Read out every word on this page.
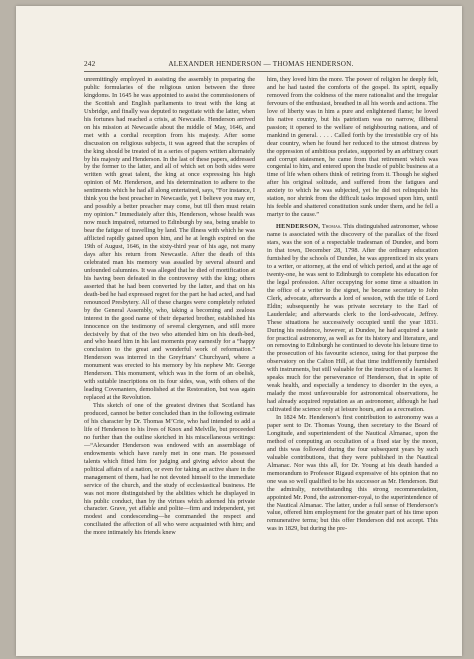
242	ALEXANDER HENDERSON — THOMAS HENDERSON.

unremittingly employed in assisting the assembly in preparing the public formularies of the religious union between the three kingdoms. In 1645 he was appointed to assist the commissioners of the Scottish and English parliaments to treat with the king at Uxbridge, and finally was deputed to negotiate with the latter, when his fortunes had reached a crisis, at Newcastle. Henderson arrived on his mission at Newcastle about the middle of May, 1646, and met with a cordial reception from his majesty. After some discussion on religious subjects, it was agreed that the scruples of the king should be treated of in a series of papers written alternately by his majesty and Henderson. In the last of these papers, addressed by the former to the latter, and all of which set on both sides were written with great talent, the king at once expressing his high opinion of Mr. Henderson, and his determination to adhere to the sentiments which he had all along entertained, says, “For instance, I think you the best preacher in Newcastle, yet I believe you may err, and possibly a better preacher may come, but till then must retain my opinion.” Immediately after this, Henderson, whose health was now much impaired, returned to Edinburgh by sea, being unable to bear the fatigue of travelling by land. The illness with which he was afflicted rapidly gained upon him, and he at length expired on the 19th of August, 1646, in the sixty-third year of his age, not many days after his return from Newcastle. After the death of this celebrated man his memory was assailed by several absurd and unfounded calumnies. It was alleged that he died of mortification at his having been defeated in the controversy with the king; others asserted that he had been converted by the latter, and that on his death-bed he had expressed regret for the part he had acted, and had renounced Presbytery. All of these charges were completely refuted by the General Assembly, who, taking a becoming and zealous interest in the good name of their departed brother, established his innocence on the testimony of several clergymen, and still more decisively by that of the two who attended him on his death-bed, and who heard him in his last moments pray earnestly for a “happy conclusion to the great and wonderful work of reformation.” Henderson was interred in the Greyfriars’ Churchyard, where a monument was erected to his memory by his nephew Mr. George Henderson. This monument, which was in the form of an obelisk, with suitable inscriptions on its four sides, was, with others of the leading Covenanters, demolished at the Restoration, but was again replaced at the Revolution.

This sketch of one of the greatest divines that Scotland has produced, cannot be better concluded than in the following estimate of his character by Dr. Thomas M’Crie, who had intended to add a life of Henderson to his lives of Knox and Melville, but proceeded no further than the outline sketched in his miscellaneous writings:—“Alexander Henderson was endowed with an assemblage of endowments which have rarely met in one man. He possessed talents which fitted him for judging and giving advice about the political affairs of a nation, or even for taking an active share in the management of them, had he not devoted himself to the immediate service of the church, and the study of ecclesiastical business. He was not more distinguished by the abilities which he displayed in his public conduct, than by the virtues which adorned his private character. Grave, yet affable and polite—firm and independent, yet modest and condescending—he commanded the respect and conciliated the affection of all who were acquainted with him; and the more intimately his friends knew

him, they loved him the more. The power of religion he deeply felt, and he had tasted the comforts of the gospel. Its spirit, equally removed from the coldness of the mere rationalist and the irregular fervours of the enthusiast, breathed in all his words and actions. The love of liberty was in him a pure and enlightened flame; he loved his native country, but his patriotism was no narrow, illiberal passion; it opened to the welfare of neighbouring nations, and of mankind in general. . . . . Called forth by the irresistible cry of his dear country, when he found her reduced to the utmost distress by the oppression of ambitious prelates, supported by an arbitrary court and corrupt statesmen, he came from that retirement which was congenial to him, and entered upon the bustle of public business at a time of life when others think of retiring from it. Though he sighed after his original solitude, and suffered from the fatigues and anxiety to which he was subjected, yet he did not relinquish his station, nor shrink from the difficult tasks imposed upon him, until his feeble and shattered constitution sunk under them, and he fell a martyr to the cause.”

HENDERSON, Thomas. This distinguished astronomer, whose name is associated with the discovery of the parallax of the fixed stars, was the son of a respectable tradesman of Dundee, and born in that town, December 28, 1798. After the ordinary education furnished by the schools of Dundee, he was apprenticed in six years to a writer, or attorney, at the end of which period, and at the age of twenty-one, he was sent to Edinburgh to complete his education for the legal profession. After occupying for some time a situation in the office of a writer to the signet, he became secretary to John Clerk, advocate, afterwards a lord of session, with the title of Lord Eldin; subsequently he was private secretary to the Earl of Lauderdale; and afterwards clerk to the lord-advocate, Jeffrey. These situations he successively occupied until the year 1831. During his residence, however, at Dundee, he had acquired a taste for practical astronomy, as well as for its history and literature, and on removing to Edinburgh he continued to devote his leisure time to the prosecution of his favourite science, using for that purpose the observatory on the Calton Hill, at that time indifferently furnished with instruments, but still valuable for the instruction of a learner. It speaks much for the perseverance of Henderson, that in spite of weak health, and especially a tendency to disorder in the eyes, a malady the most unfavourable for astronomical observations, he had already acquired reputation as an astronomer, although he had cultivated the science only at leisure hours, and as a recreation.

In 1824 Mr. Henderson’s first contribution to astronomy was a paper sent to Dr. Thomas Young, then secretary to the Board of Longitude, and superintendent of the Nautical Almanac, upon the method of computing an occultation of a fixed star by the moon, and this was followed during the four subsequent years by such valuable contributions, that they were published in the Nautical Almanac. Nor was this all, for Dr. Young at his death handed a memorandum to Professor Rigaud expressive of his opinion that no one was so well qualified to be his successor as Mr. Henderson. But the admiralty, notwithstanding this strong recommendation, appointed Mr. Pond, the astronomer-royal, to the superintendence of the Nautical Almanac. The latter, under a full sense of Henderson’s value, offered him employment for the greater part of his time upon remunerative terms; but this offer Henderson did not accept. This was in 1829, but during the pre-
